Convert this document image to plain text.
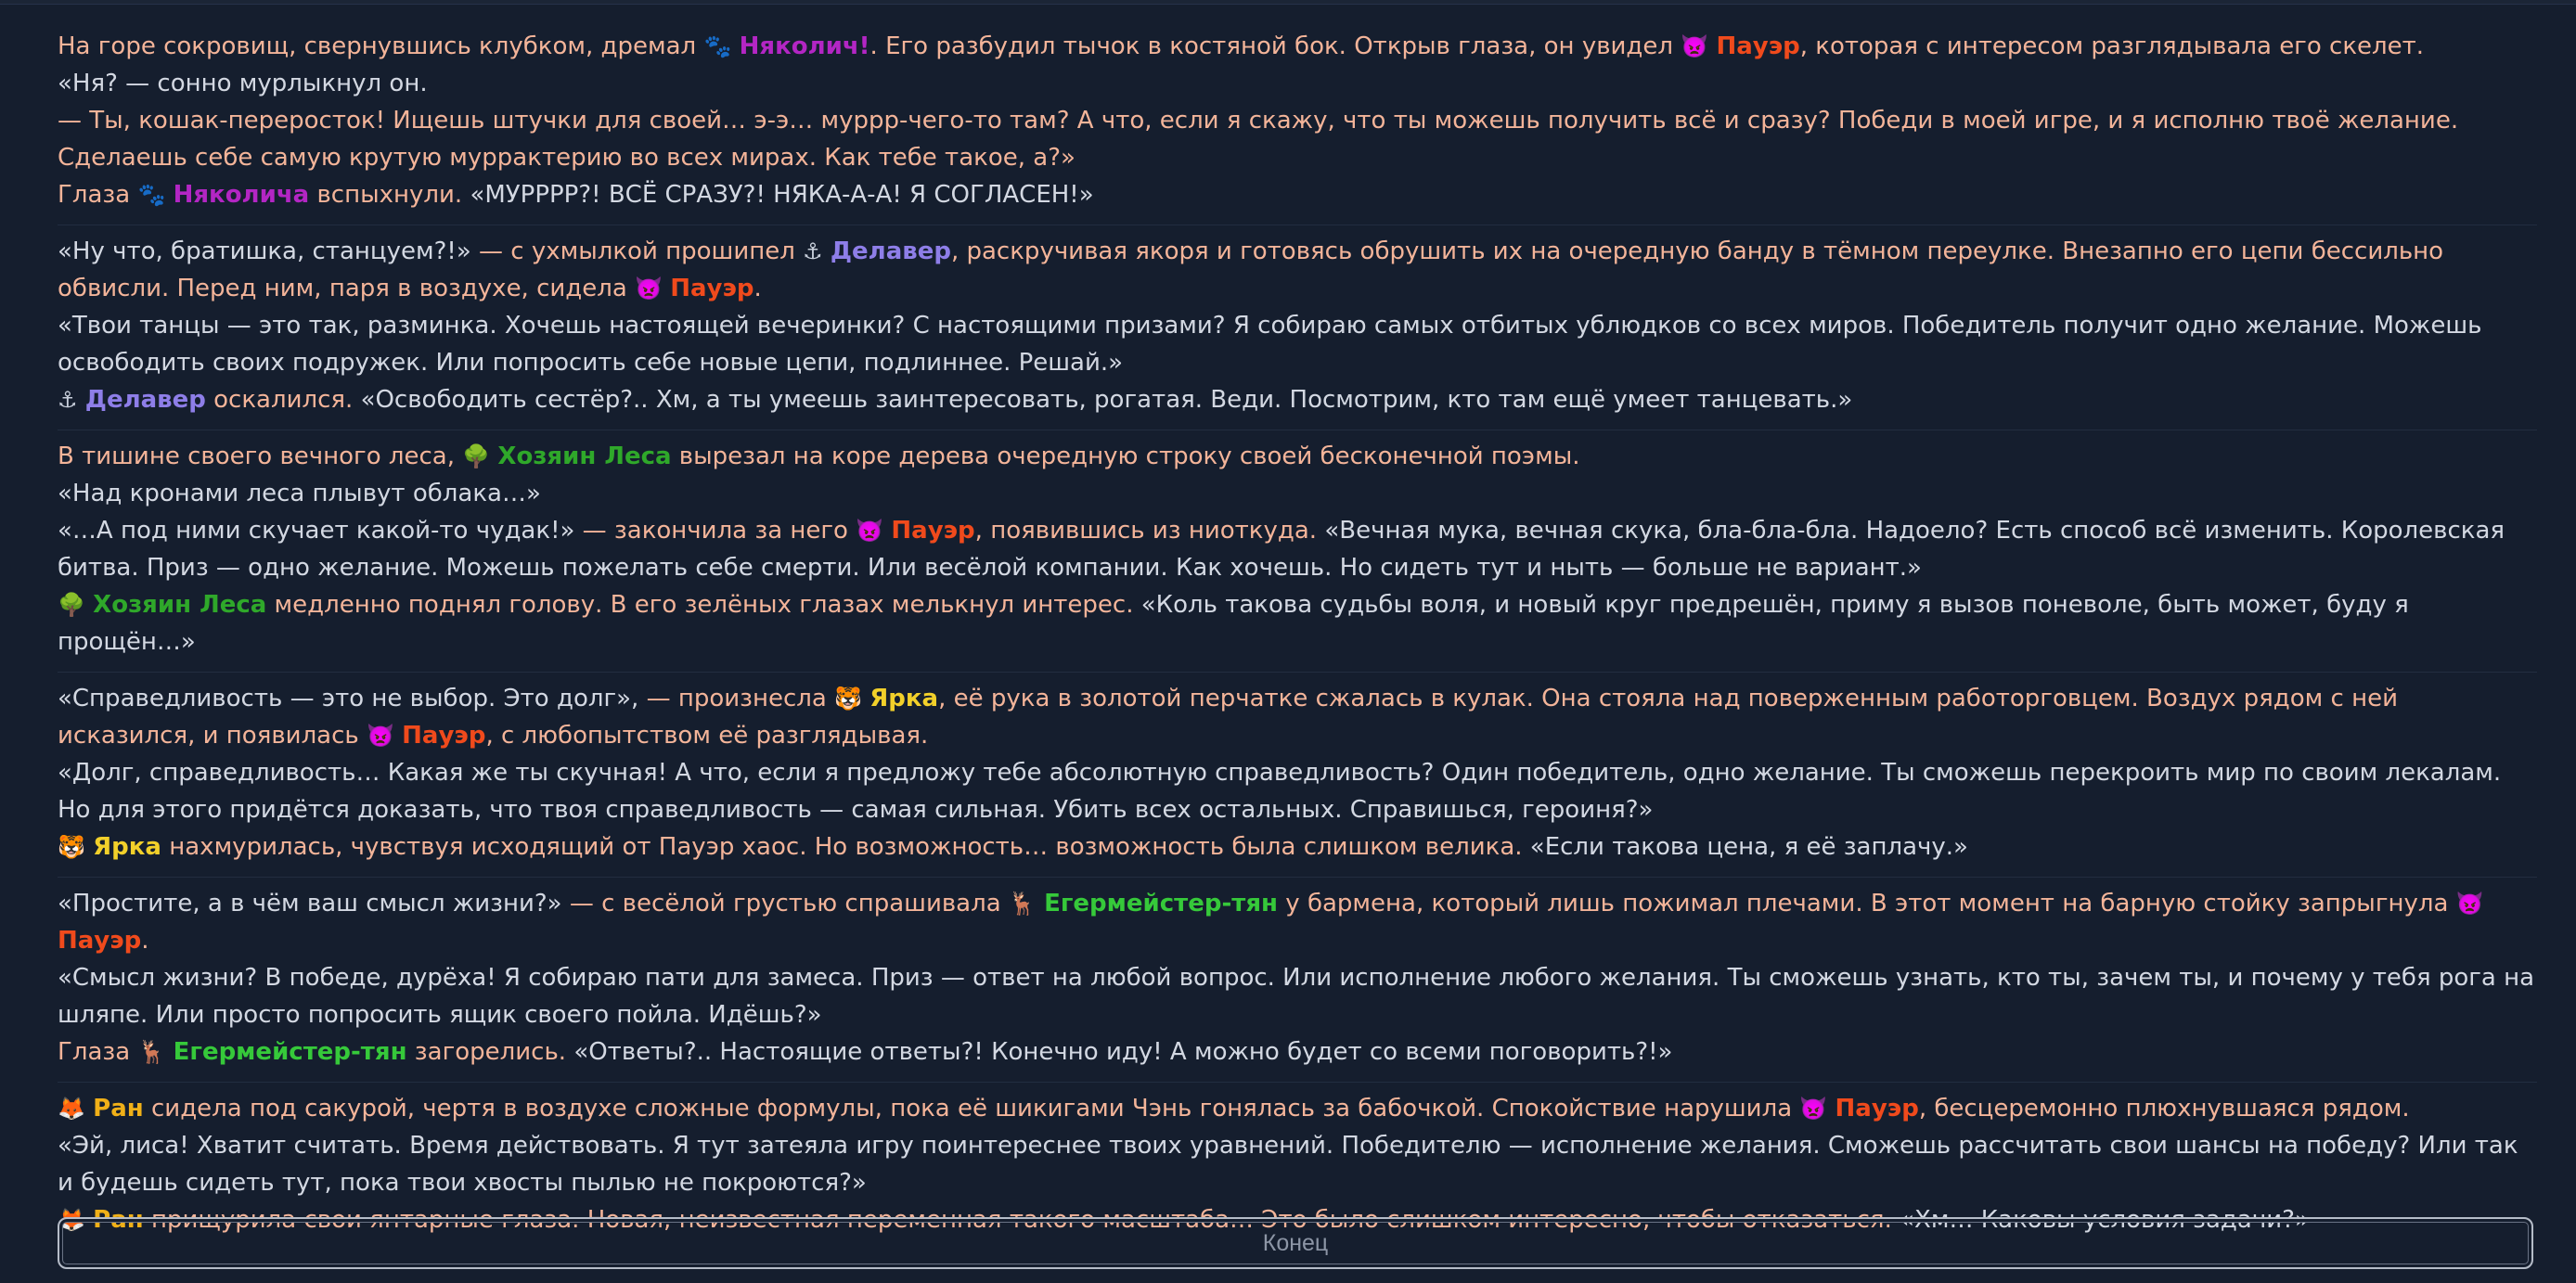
На горе сокровищ, свернувшись клубком, дремал 🐾 Няколич!. Его разбудил тычок в костяной бок. Открыв глаза, он увидел 👿 Пауэр, которая с интересом разглядывала его скелет.

«Ня? — сонно мурлыкнул он.

— Ты, кошак-переросток! Ищешь штучки для своей… э-э… муррр-чего-то там? А что, если я скажу, что ты можешь получить всё и сразу? Победи в моей игре, и я исполню твоё желание. Сделаешь себе самую крутую муррактерию во всех мирах. Как тебе такое, а?»

Глаза 🐾 Няколича вспыхнули. «МУРРРР?! ВСЁ СРАЗУ?! НЯКА-А-А! Я СОГЛАСЕН!»

«Ну что, братишка, станцуем?!» — с ухмылкой прошипел ⚓ Делавер, раскручивая якоря и готовясь обрушить их на очередную банду в тёмном переулке. Внезапно его цепи бессильно обвисли. Перед ним, паря в воздухе, сидела 👿 Пауэр.

«Твои танцы — это так, разминка. Хочешь настоящей вечеринки? С настоящими призами? Я собираю самых отбитых ублюдков со всех миров. Победитель получит одно желание. Можешь освободить своих подружек. Или попросить себе новые цепи, подлиннее. Решай.»

⚓ Делавер оскалился. «Освободить сестёр?.. Хм, а ты умеешь заинтересовать, рогатая. Веди. Посмотрим, кто там ещё умеет танцевать.»

В тишине своего вечного леса, 🌳 Хозяин Леса вырезал на коре дерева очередную строку своей бесконечной поэмы.

«Над кронами леса плывут облака…»

«…А под ними скучает какой-то чудак!» — закончила за него 👿 Пауэр, появившись из ниоткуда. «Вечная мука, вечная скука, бла-бла-бла. Надоело? Есть способ всё изменить. Королевская битва. Приз — одно желание. Можешь пожелать себе смерти. Или весёлой компании. Как хочешь. Но сидеть тут и ныть — больше не вариант.»

🌳 Хозяин Леса медленно поднял голову. В его зелёных глазах мелькнул интерес. «Коль такова судьбы воля, и новый круг предрешён, приму я вызов поневоле, быть может, буду я прощён…»

«Справедливость — это не выбор. Это долг», — произнесла 🐯 Ярка, её рука в золотой перчатке сжалась в кулак. Она стояла над поверженным работорговцем. Воздух рядом с ней исказился, и появилась 👿 Пауэр, с любопытством её разглядывая.

«Долг, справедливость… Какая же ты скучная! А что, если я предложу тебе абсолютную справедливость? Один победитель, одно желание. Ты сможешь перекроить мир по своим лекалам. Но для этого придётся доказать, что твоя справедливость — самая сильная. Убить всех остальных. Справишься, героиня?»

🐯 Ярка нахмурилась, чувствуя исходящий от Пауэр хаос. Но возможность… возможность была слишком велика. «Если такова цена, я её заплачу.»

«Простите, а в чём ваш смысл жизни?» — с весёлой грустью спрашивала 🦌 Егермейстер-тян у бармена, который лишь пожимал плечами. В этот момент на барную стойку запрыгнула 👿 Пауэр.

«Смысл жизни? В победе, дурёха! Я собираю пати для замеса. Приз — ответ на любой вопрос. Или исполнение любого желания. Ты сможешь узнать, кто ты, зачем ты, и почему у тебя рога на шляпе. Или просто попросить ящик своего пойла. Идёшь?»

Глаза 🦌 Егермейстер-тян загорелись. «Ответы?.. Настоящие ответы?! Конечно иду! А можно будет со всеми поговорить?!»

🦊 Ран сидела под сакурой, чертя в воздухе сложные формулы, пока её шикигами Чэнь гонялась за бабочкой. Спокойствие нарушила 👿 Пауэр, бесцеремонно плюхнувшаяся рядом.

«Эй, лиса! Хватит считать. Время действовать. Я тут затеяла игру поинтереснее твоих уравнений. Победителю — исполнение желания. Сможешь рассчитать свои шансы на победу? Или так и будешь сидеть тут, пока твои хвосты пылью не покроются?»

🦊 Ран прищурила свои янтарные глаза. Новая, неизвестная переменная такого масштаба… Это было слишком интересно, чтобы отказаться. «Хм… Каковы условия задачи?»

Конец
